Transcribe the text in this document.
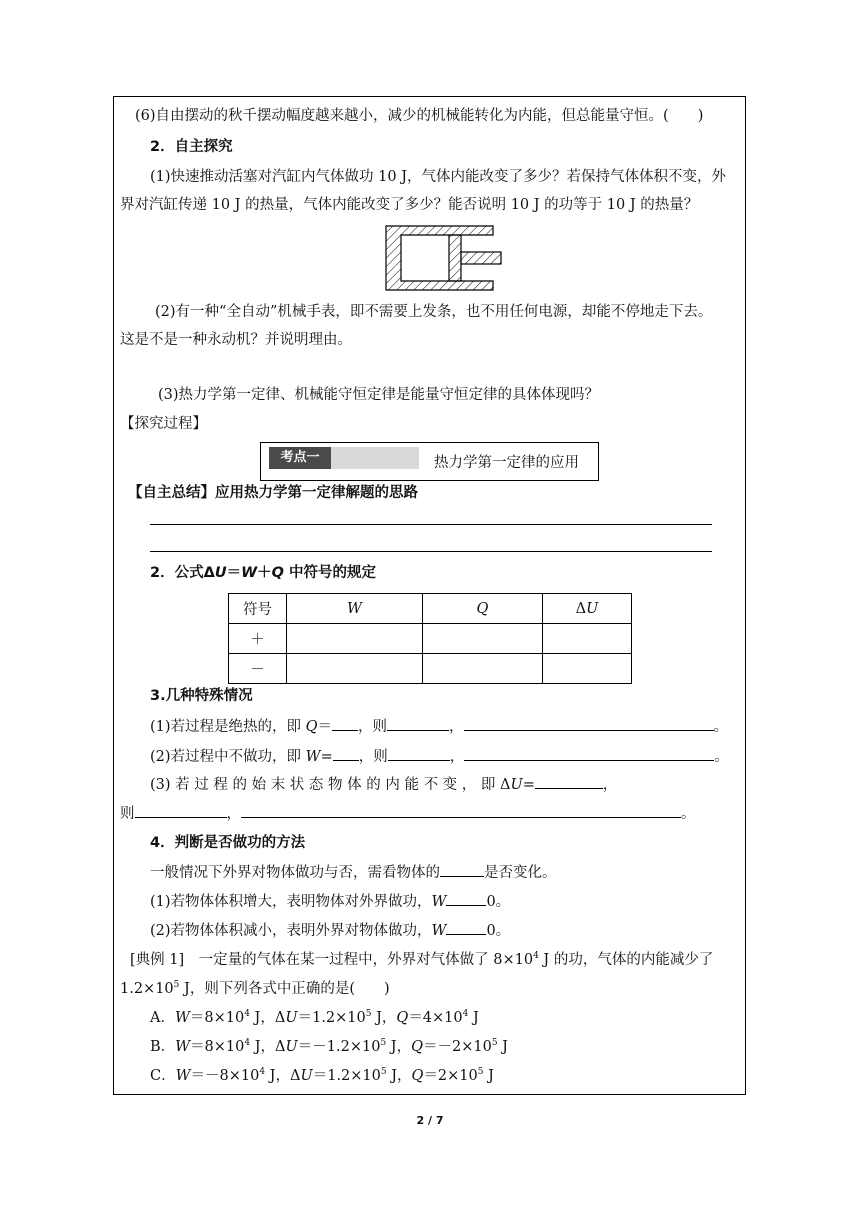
(6)自由摆动的秋千摆动幅度越来越小，减少的机械能转化为内能，但总能量守恒。(　　)
2．自主探究
(1)快速推动活塞对汽缸内气体做功 10 J，气体内能改变了多少？若保持气体体积不变，外
界对汽缸传递 10 J 的热量，气体内能改变了多少？能否说明 10 J 的功等于 10 J 的热量？
(2)有一种“全自动”机械手表，即不需要上发条，也不用任何电源，却能不停地走下去。
这是不是一种永动机？并说明理由。
(3)热力学第一定律、机械能守恒定律是能量守恒定律的具体体现吗？
【探究过程】
考点一	热力学第一定律的应用
【自主总结】应用热力学第一定律解题的思路
2．公式ΔU＝W＋Q 中符号的规定
符号	W	Q	ΔU
＋			
－			
3.几种特殊情况
(1)若过程是绝热的，即 Q＝ ，则	，	。
(2)若过程中不做功，即 W= ，则	，	。
(3) 若 过 程 的 始 末 状 态 物 体 的 内 能 不 变 ， 即 ΔU=	，
则	，	。
4．判断是否做功的方法
一般情况下外界对物体做功与否，需看物体的	是否变化。
(1)若物体体积增大，表明物体对外界做功，W	0。
(2)若物体体积减小，表明外界对物体做功，W	0。
[典例 1]　一定量的气体在某一过程中，外界对气体做了 $8\times 10^4$ J 的功，气体的内能减少了
$1.2\times 10^5$ J，则下列各式中正确的是(　　)
A．$W=8\times 10^4$ J，$\Delta U=1.2\times 10^5$ J，$Q=4\times 10^4$ J
B．$W=8\times 10^4$ J，$\Delta U=-1.2\times 10^5$ J，$Q=-2\times 10^5$ J
C．$W=-8\times 10^4$ J，$\Delta U=1.2\times 10^5$ J，$Q=2\times 10^5$ J
2 / 7
